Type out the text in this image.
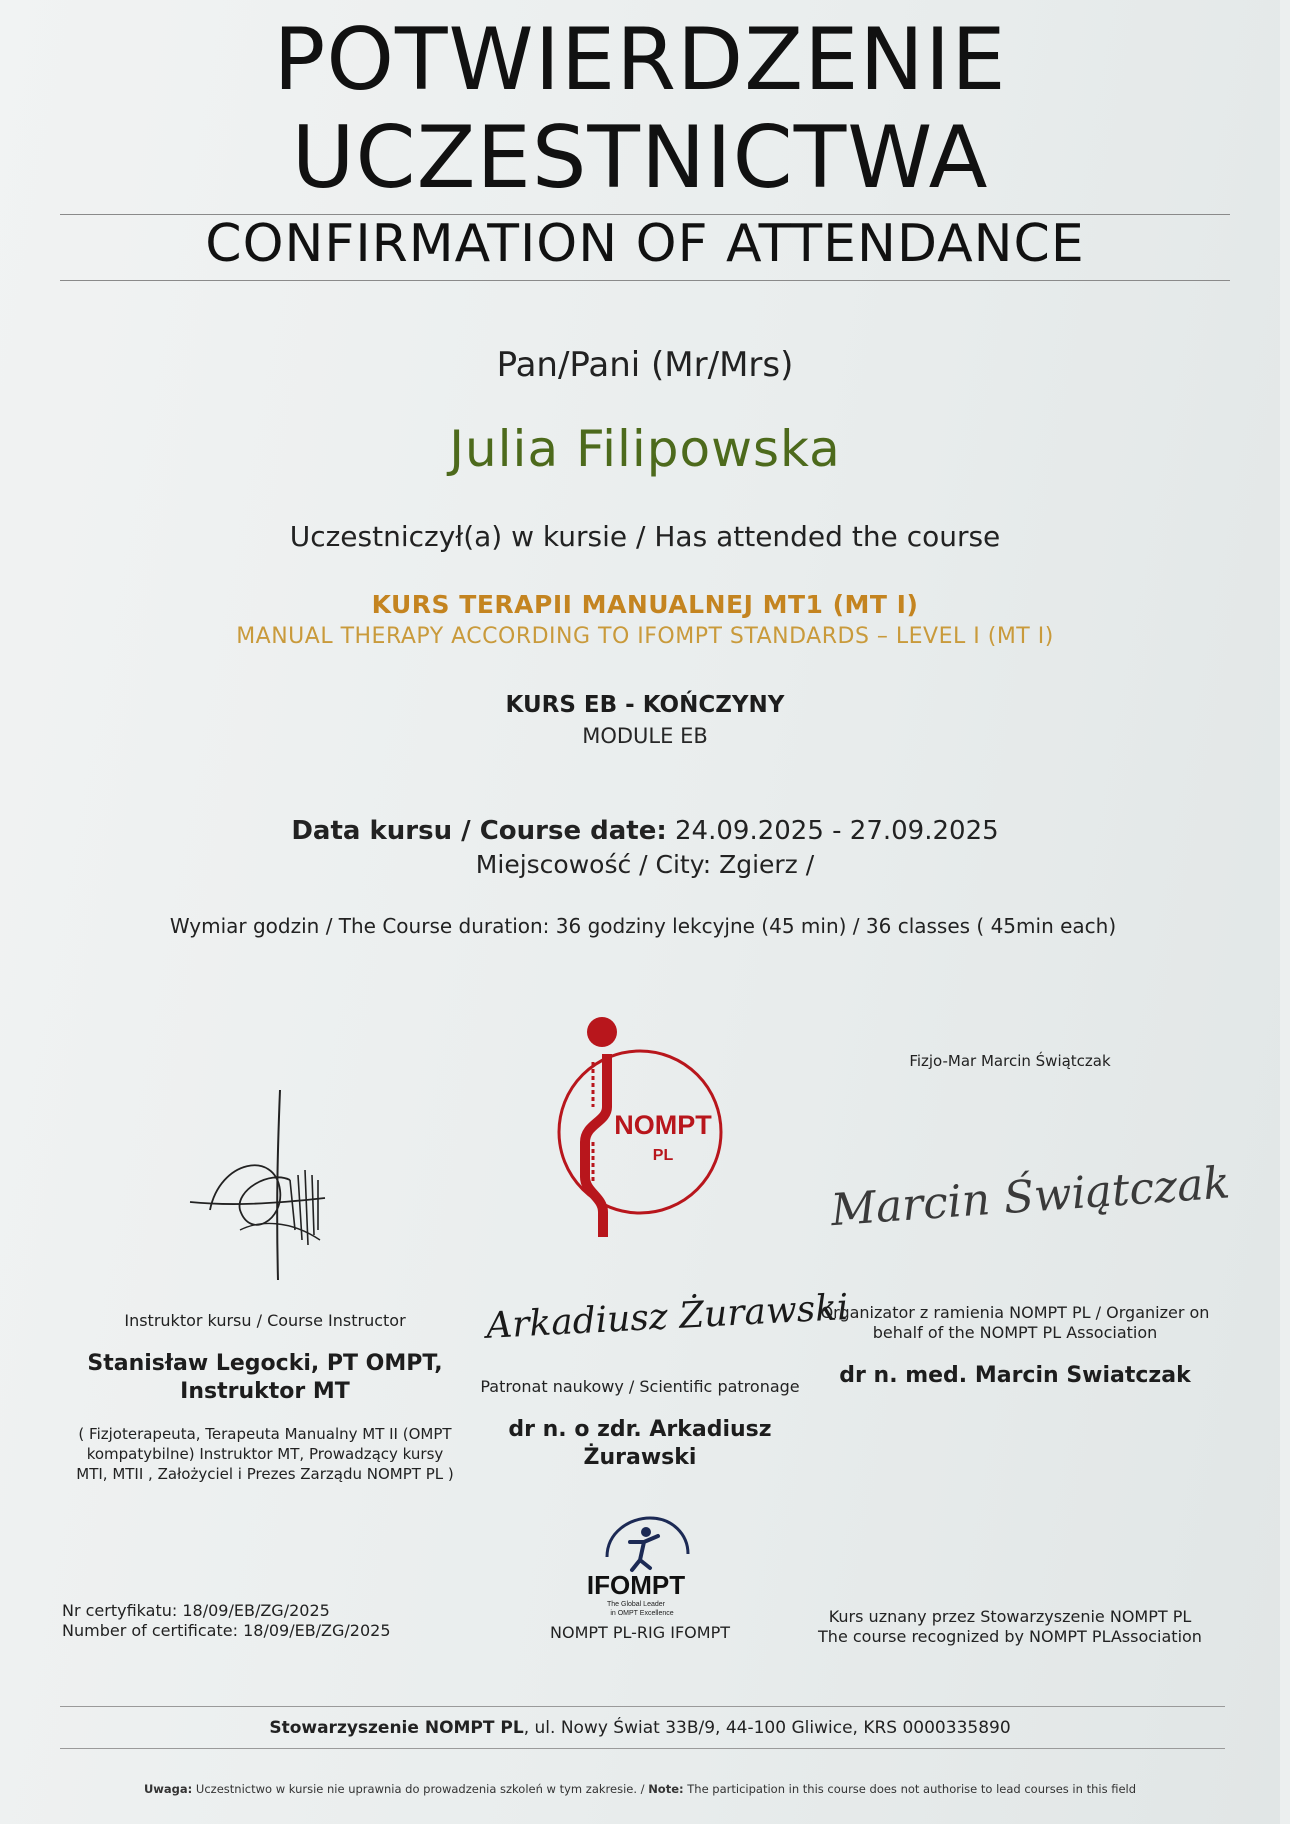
POTWIERDZENIE
UCZESTNICTWA
CONFIRMATION OF ATTENDANCE
Pan/Pani (Mr/Mrs)
Julia Filipowska
Uczestniczył(a) w kursie / Has attended the course
KURS TERAPII MANUALNEJ MT1 (MT I)
MANUAL THERAPY ACCORDING TO IFOMPT STANDARDS – LEVEL I (MT I)
KURS EB - KOŃCZYNY
MODULE EB
Data kursu / Course date: 24.09.2025 - 27.09.2025
Miejscowość / City: Zgierz /
Wymiar godzin / The Course duration: 36 godziny lekcyjne (45 min) / 36 classes ( 45min each)
Instruktor kursu / Course Instructor
Stanisław Legocki, PT OMPT,
Instruktor MT
( Fizjoterapeuta, Terapeuta Manualny MT II (OMPT
kompatybilne) Instruktor MT, Prowadzący kursy
MTI, MTII , Założyciel i Prezes Zarządu NOMPT PL )
NOMPT
PL
Arkadiusz Żurawski
Patronat naukowy / Scientific patronage
dr n. o zdr. Arkadiusz
Żurawski
Fizjo-Mar Marcin Świątczak
Marcin Świątczak
Organizator z ramienia NOMPT PL / Organizer on
behalf of the NOMPT PL Association
dr n. med. Marcin Swiatczak
IFOMPT
The Global Leader
in OMPT Excellence
NOMPT PL-RIG IFOMPT
Nr certyfikatu: 18/09/EB/ZG/2025
Number of certificate: 18/09/EB/ZG/2025
Kurs uznany przez Stowarzyszenie NOMPT PL
The course recognized by NOMPT PLAssociation
Stowarzyszenie NOMPT PL, ul. Nowy Świat 33B/9, 44-100 Gliwice, KRS 0000335890
Uwaga: Uczestnictwo w kursie nie uprawnia do prowadzenia szkoleń w tym zakresie. / Note: The participation in this course does not authorise to lead courses in this field
